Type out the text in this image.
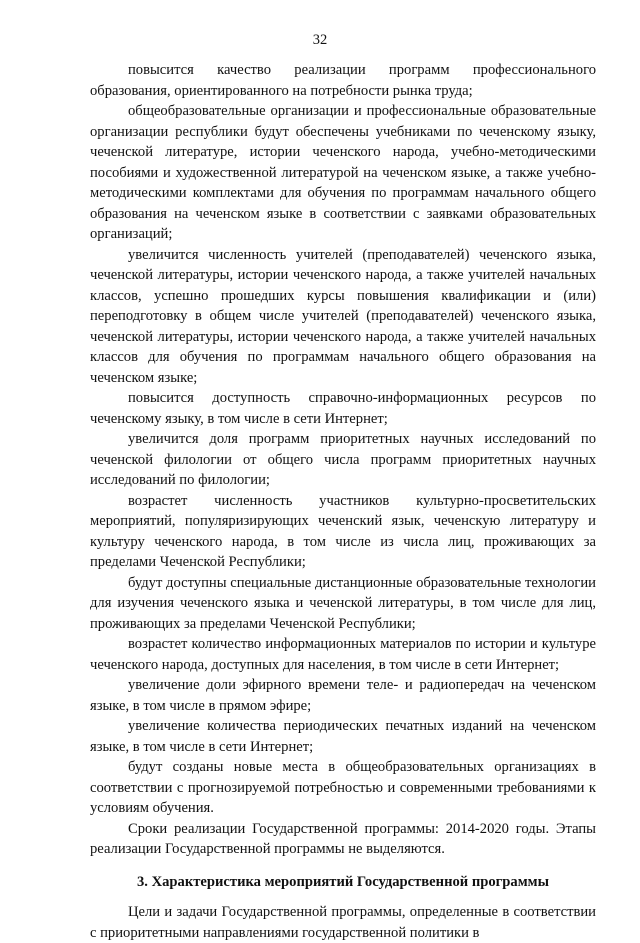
32

повысится качество реализации программ профессионального образования, ориентированного на потребности рынка труда;

общеобразовательные организации и профессиональные образовательные организации республики будут обеспечены учебниками по чеченскому языку, чеченской литературе, истории чеченского народа, учебно-методическими пособиями и художественной литературой на чеченском языке, а также учебно-методическими комплектами для обучения по программам начального общего образования на чеченском языке в соответствии с заявками образовательных организаций;

увеличится численность учителей (преподавателей) чеченского языка, чеченской литературы, истории чеченского народа, а также учителей начальных классов, успешно прошедших курсы повышения квалификации и (или) переподготовку в общем числе учителей (преподавателей) чеченского языка, чеченской литературы, истории чеченского народа, а также учителей начальных классов для обучения по программам начального общего образования на чеченском языке;

повысится доступность справочно-информационных ресурсов по чеченскому языку, в том числе в сети Интернет;

увеличится доля программ приоритетных научных исследований по чеченской филологии от общего числа программ приоритетных научных исследований по филологии;

возрастет численность участников культурно-просветительских мероприятий, популяризирующих чеченский язык, чеченскую литературу и культуру чеченского народа, в том числе из числа лиц, проживающих за пределами Чеченской Республики;

будут доступны специальные дистанционные образовательные технологии для изучения чеченского языка и чеченской литературы, в том числе для лиц, проживающих за пределами Чеченской Республики;

возрастет количество информационных материалов по истории и культуре чеченского народа, доступных для населения, в том числе в сети Интернет;

увеличение доли эфирного времени теле- и радиопередач на чеченском языке, в том числе в прямом эфире;

увеличение количества периодических печатных изданий на чеченском языке, в том числе в сети Интернет;

будут созданы новые места в общеобразовательных организациях в соответствии с прогнозируемой потребностью и современными требованиями к условиям обучения.

Сроки реализации Государственной программы: 2014-2020 годы. Этапы реализации Государственной программы не выделяются.

3. Характеристика мероприятий Государственной программы

Цели и задачи Государственной программы, определенные в соответствии с приоритетными направлениями государственной политики в
